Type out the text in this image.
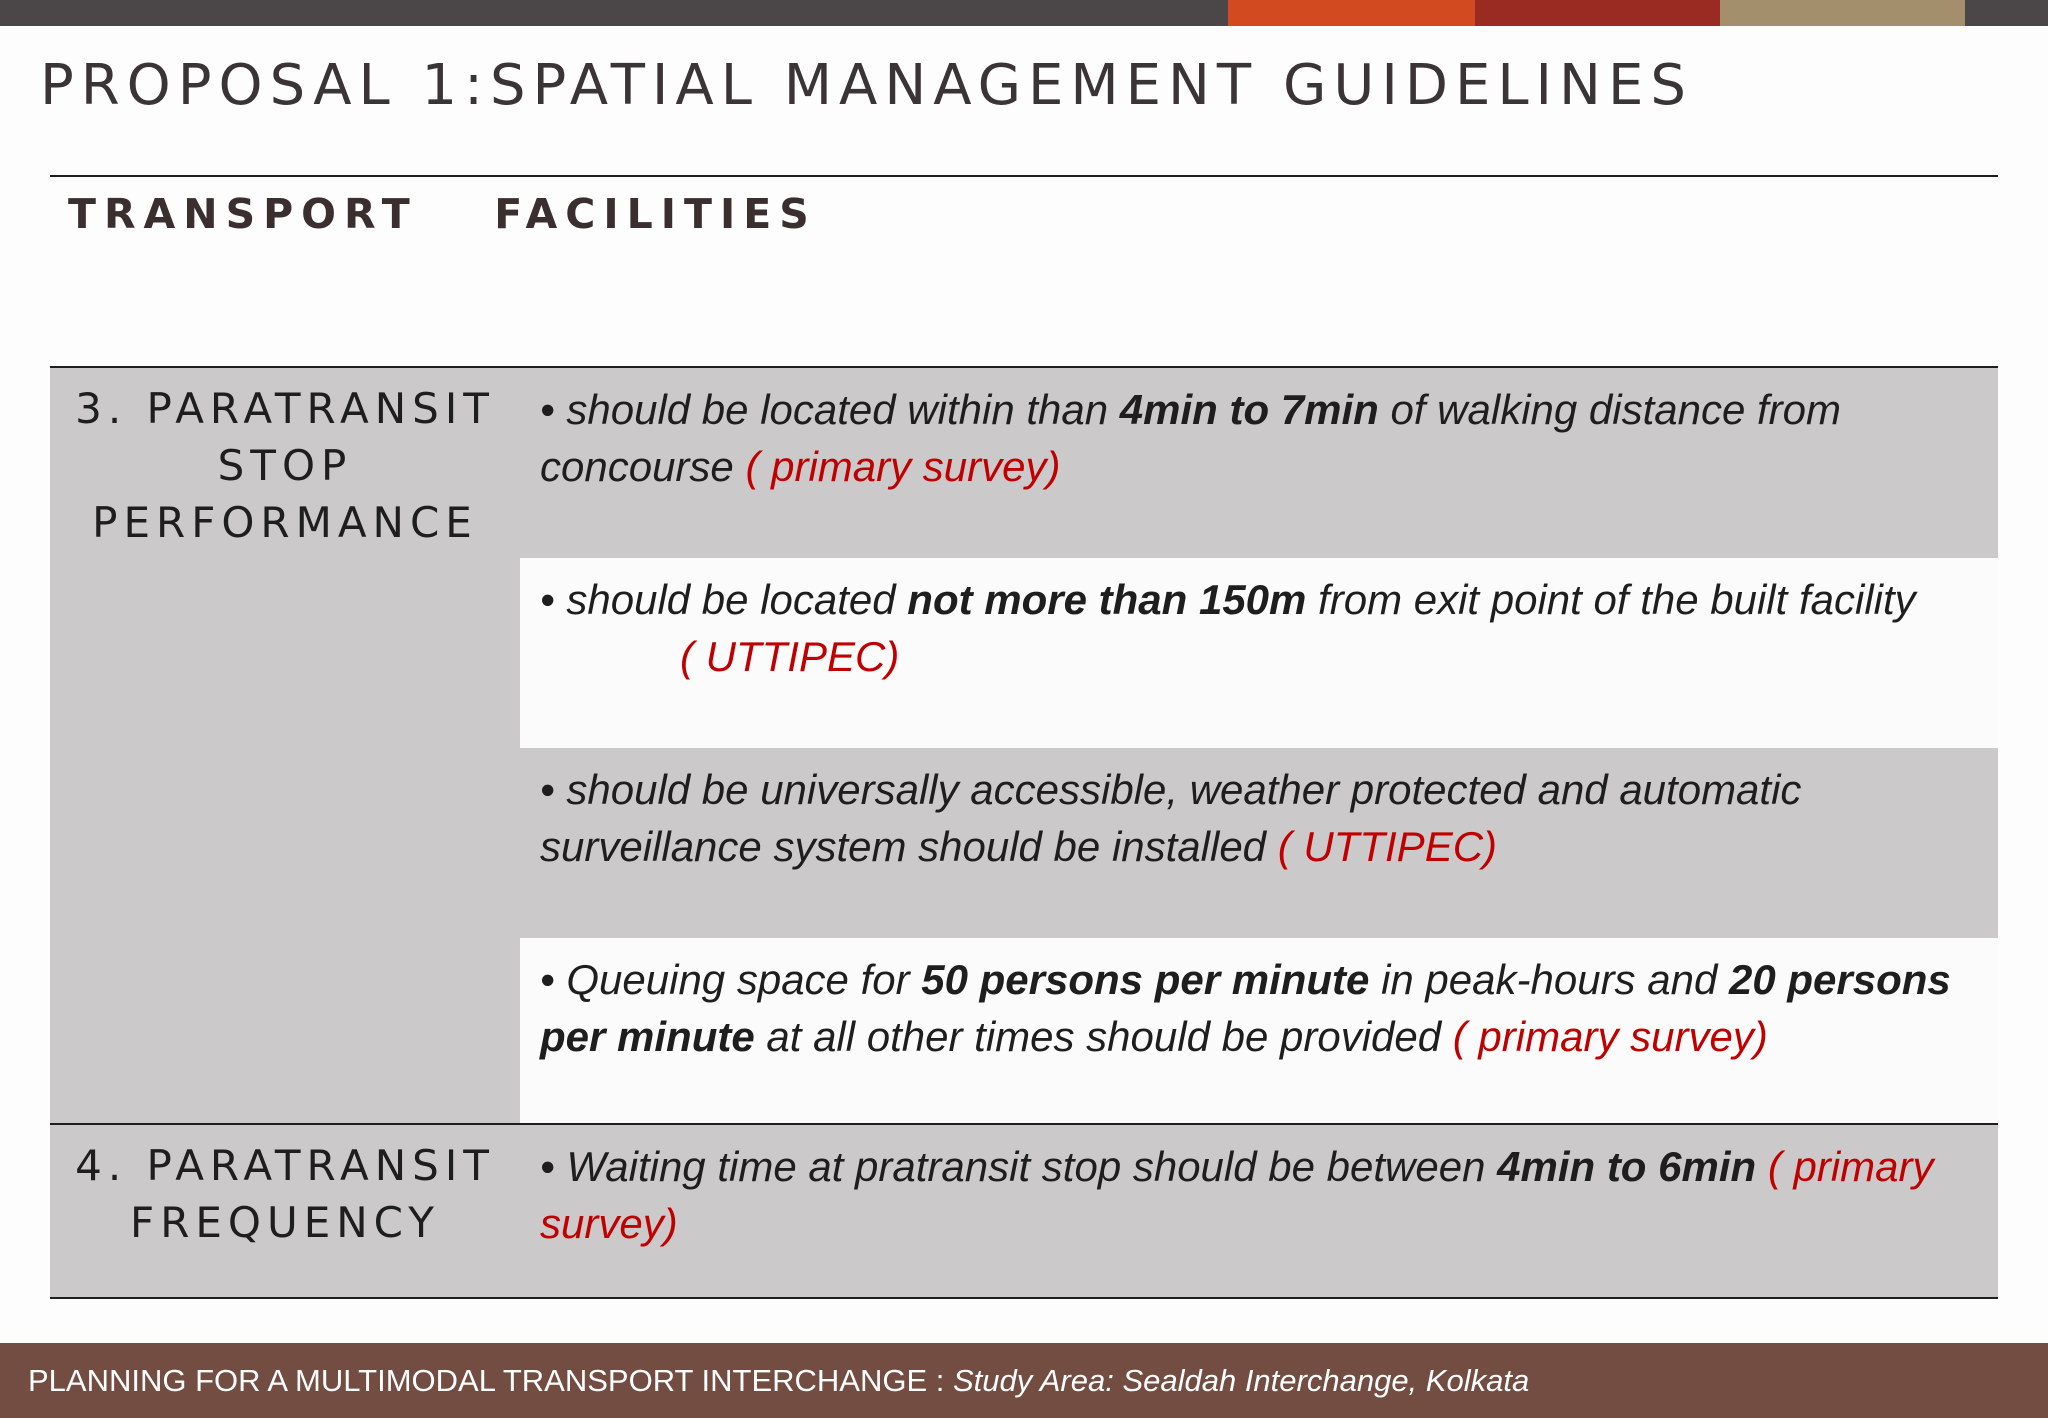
PROPOSAL 1:SPATIAL MANAGEMENT GUIDELINES
TRANSPORT  FACILITIES
3. PARATRANSIT
STOP
PERFORMANCE
• should be located within than 4min to 7min of walking distance from concourse ( primary survey)
• should be located not more than 150m from exit point of the built facility ( UTTIPEC)
• should be universally accessible, weather protected and automatic surveillance system should be installed ( UTTIPEC)
• Queuing space for 50 persons per minute in peak-hours and 20 persons per minute at all other times should be provided ( primary survey)
4. PARATRANSIT
FREQUENCY
• Waiting time at pratransit stop should be between 4min to 6min ( primary survey)
PLANNING FOR A MULTIMODAL TRANSPORT INTERCHANGE : Study Area: Sealdah Interchange, Kolkata
